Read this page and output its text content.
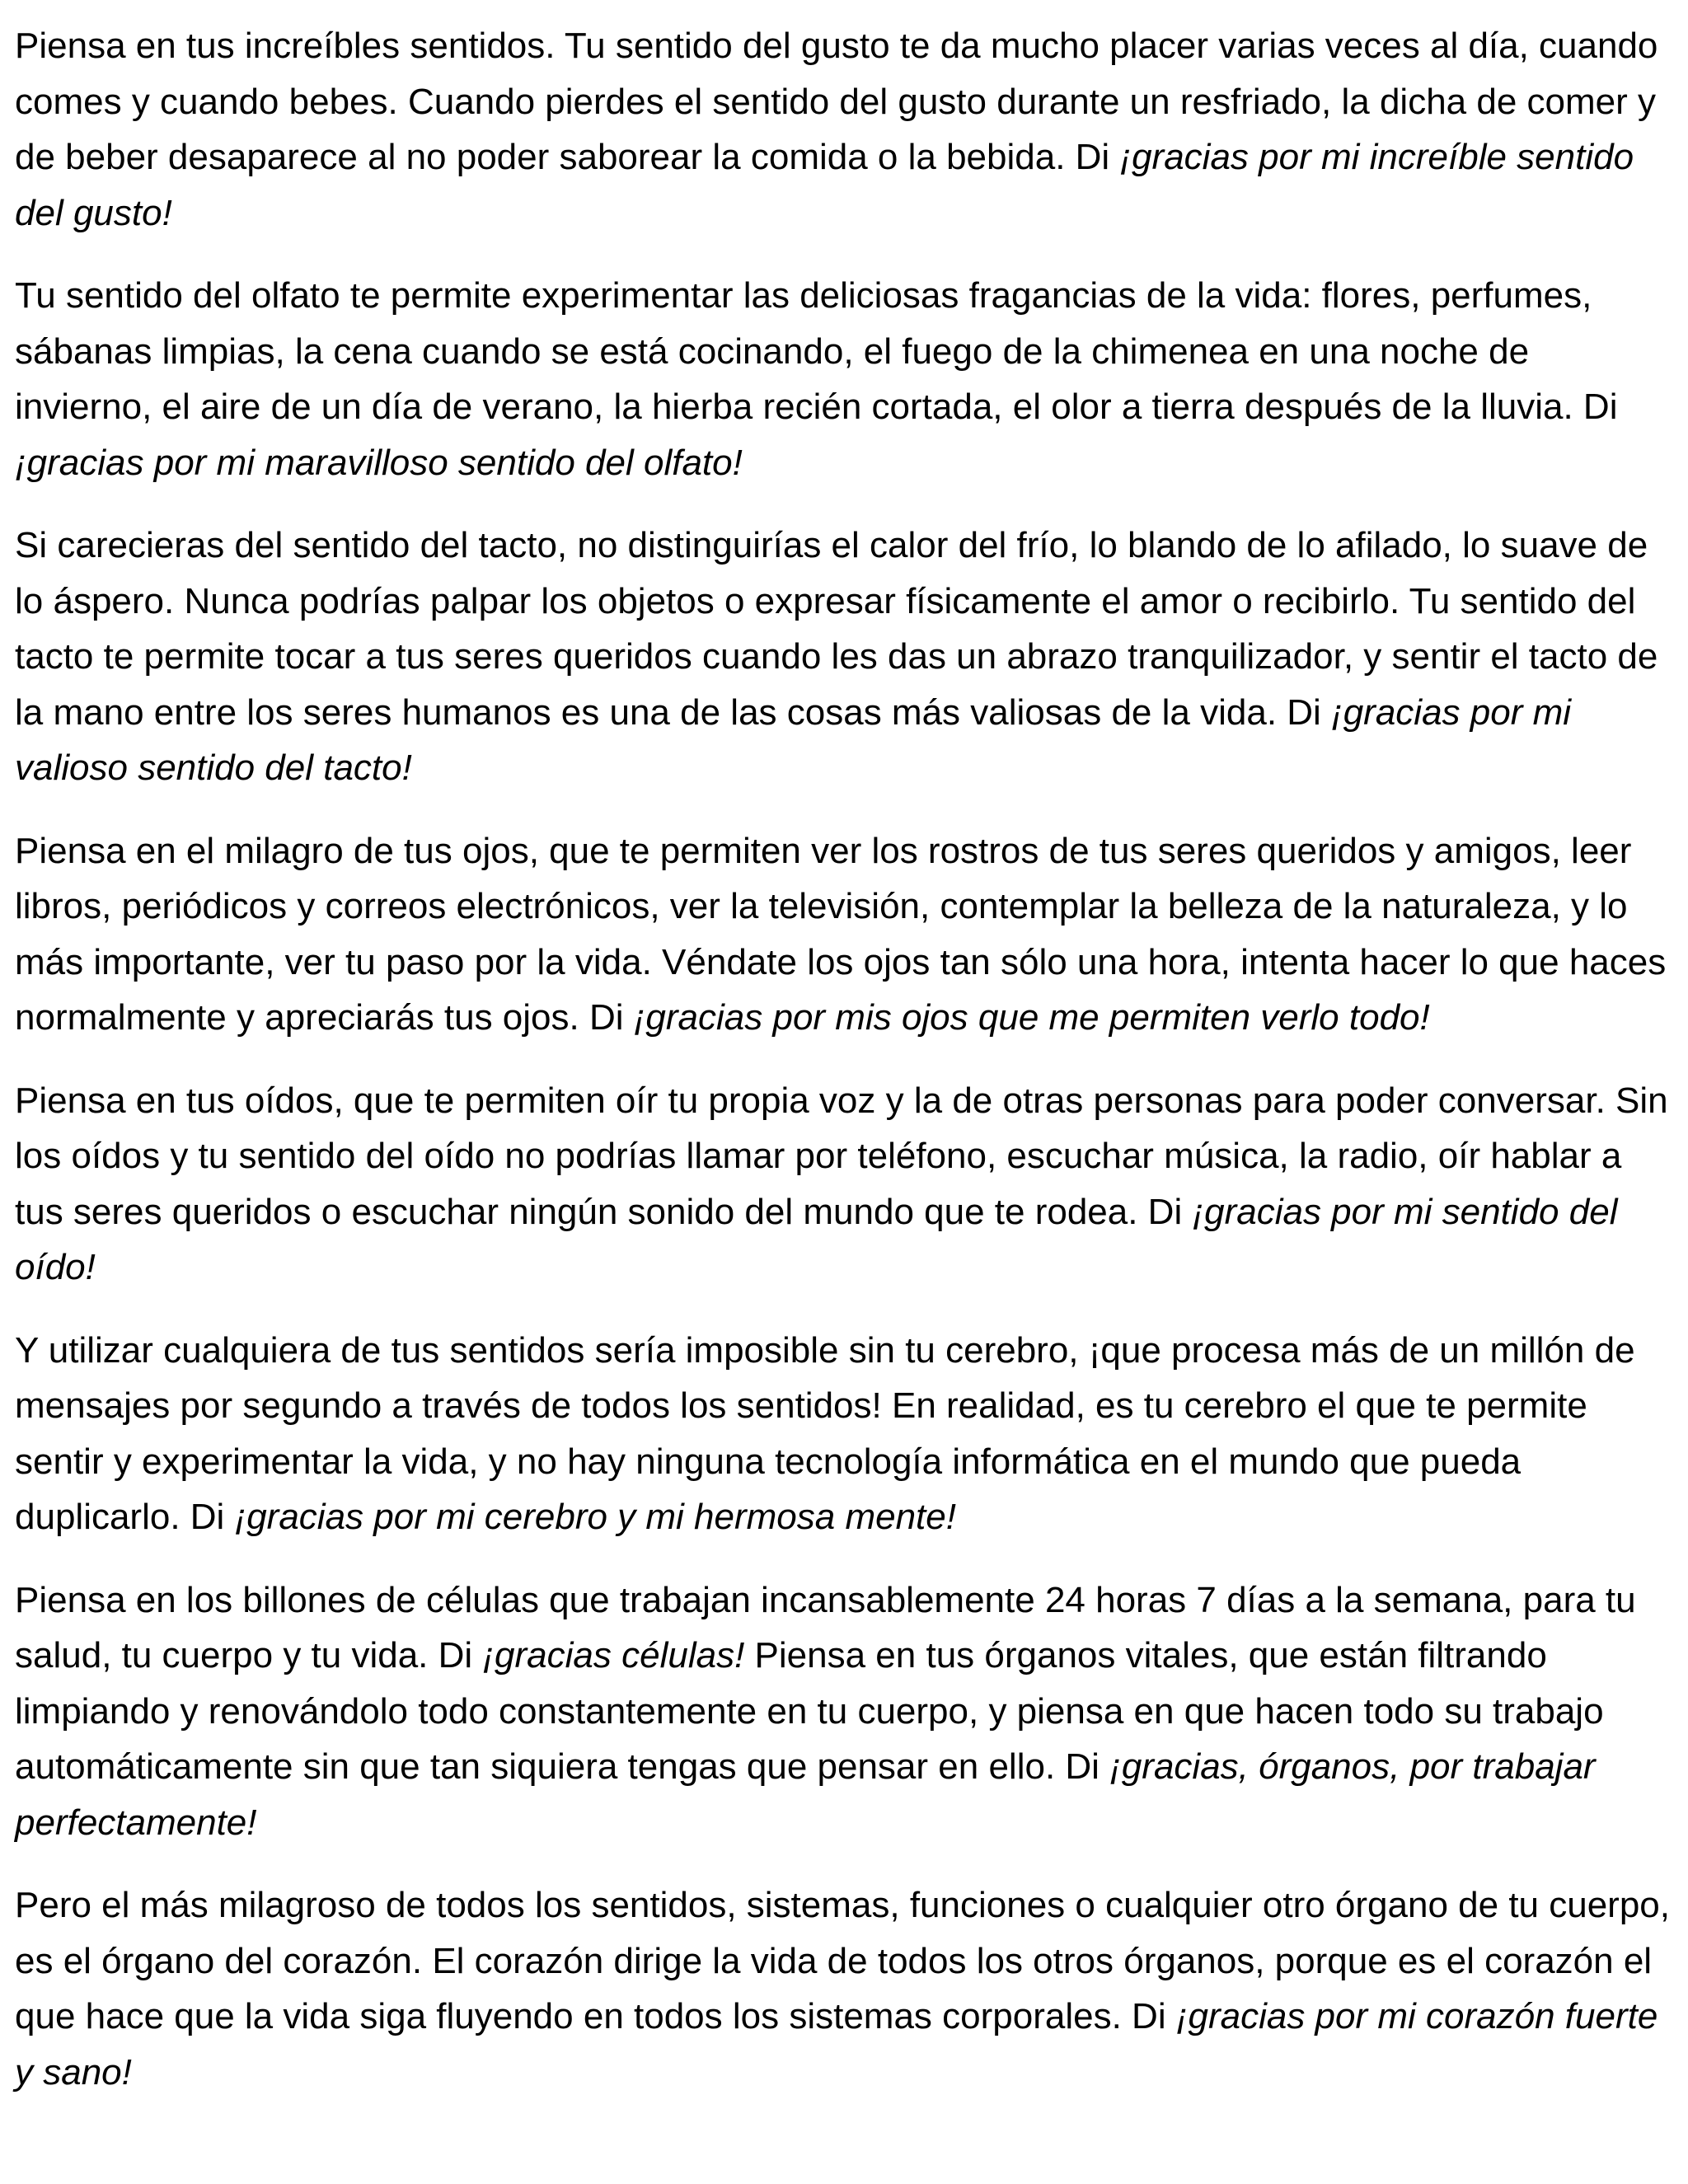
Piensa en tus increíbles sentidos. Tu sentido del gusto te da mucho placer varias veces al día, cuando comes y cuando bebes. Cuando pierdes el sentido del gusto durante un resfriado, la dicha de comer y de beber desaparece al no poder saborear la comida o la bebida. Di ¡gracias por mi increíble sentido del gusto!

Tu sentido del olfato te permite experimentar las deliciosas fragancias de la vida: flores, perfumes, sábanas limpias, la cena cuando se está cocinando, el fuego de la chimenea en una noche de invierno, el aire de un día de verano, la hierba recién cortada, el olor a tierra después de la lluvia. Di ¡gracias por mi maravilloso sentido del olfato!

Si carecieras del sentido del tacto, no distinguirías el calor del frío, lo blando de lo afilado, lo suave de lo áspero. Nunca podrías palpar los objetos o expresar físicamente el amor o recibirlo. Tu sentido del tacto te permite tocar a tus seres queridos cuando les das un abrazo tranquilizador, y sentir el tacto de la mano entre los seres humanos es una de las cosas más valiosas de la vida. Di ¡gracias por mi valioso sentido del tacto!

Piensa en el milagro de tus ojos, que te permiten ver los rostros de tus seres queridos y amigos, leer libros, periódicos y correos electrónicos, ver la televisión, contemplar la belleza de la naturaleza, y lo más importante, ver tu paso por la vida. Véndate los ojos tan sólo una hora, intenta hacer lo que haces normalmente y apreciarás tus ojos. Di ¡gracias por mis ojos que me permiten verlo todo!

Piensa en tus oídos, que te permiten oír tu propia voz y la de otras personas para poder conversar. Sin los oídos y tu sentido del oído no podrías llamar por teléfono, escuchar música, la radio, oír hablar a tus seres queridos o escuchar ningún sonido del mundo que te rodea. Di ¡gracias por mi sentido del oído!

Y utilizar cualquiera de tus sentidos sería imposible sin tu cerebro, ¡que procesa más de un millón de mensajes por segundo a través de todos los sentidos! En realidad, es tu cerebro el que te permite sentir y experimentar la vida, y no hay ninguna tecnología informática en el mundo que pueda duplicarlo. Di ¡gracias por mi cerebro y mi hermosa mente!

Piensa en los billones de células que trabajan incansablemente 24 horas 7 días a la semana, para tu salud, tu cuerpo y tu vida. Di ¡gracias células! Piensa en tus órganos vitales, que están filtrando limpiando y renovándolo todo constantemente en tu cuerpo, y piensa en que hacen todo su trabajo automáticamente sin que tan siquiera tengas que pensar en ello. Di ¡gracias, órganos, por trabajar perfectamente!

Pero el más milagroso de todos los sentidos, sistemas, funciones o cualquier otro órgano de tu cuerpo, es el órgano del corazón. El corazón dirige la vida de todos los otros órganos, porque es el corazón el que hace que la vida siga fluyendo en todos los sistemas corporales. Di ¡gracias por mi corazón fuerte y sano!
